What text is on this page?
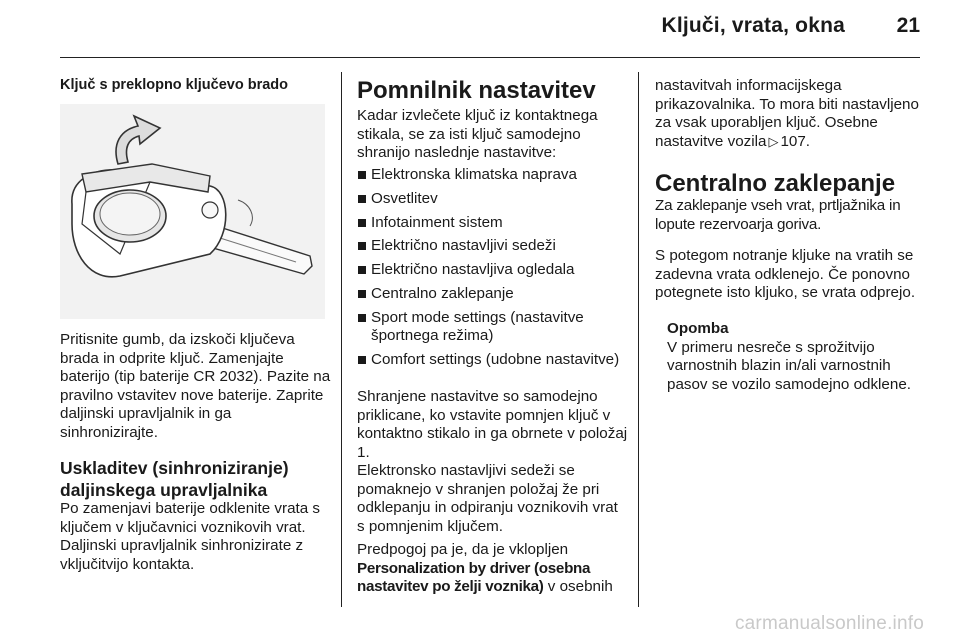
Ključi, vrata, okna 21
Ključ s preklopno ključevo brado

Pritisnite gumb, da izskoči ključeva brada in odprite ključ. Zamenjajte baterijo (tip baterije CR 2032). Pazite na pravilno vstavitev nove baterije. Zaprite daljinski upravljalnik in ga sinhronizirajte.

Uskladitev (sinhroniziranje) daljinskega upravljalnika

Po zamenjavi baterije odklenite vrata s ključem v ključavnici voznikovih vrat. Daljinski upravljalnik sinhronizirate z vključitvijo kontakta.

Pomnilnik nastavitev

Kadar izvlečete ključ iz kontaktnega stikala, se za isti ključ samodejno shranijo naslednje nastavitve:

Elektronska klimatska naprava
Osvetlitev
Infotainment sistem
Električno nastavljivi sedeži
Električno nastavljiva ogledala
Centralno zaklepanje
Sport mode settings (nastavitve športnega režima)
Comfort settings (udobne nastavitve)

Shranjene nastavitve so samodejno priklicane, ko vstavite pomnjen ključ v kontaktno stikalo in ga obrnete v položaj 1.

Elektronsko nastavljivi sedeži se pomaknejo v shranjen položaj že pri odklepanju in odpiranju voznikovih vrat s pomnjenim ključem.

Predpogoj pa je, da je vklopljen Personalization by driver (osebna nastavitev po želji voznika) v osebnih

nastavitvah informacijskega prikazovalnika. To mora biti nastavljeno za vsak uporabljen ključ. Osebne nastavitve vozila ▷ 107.

Centralno zaklepanje

Za zaklepanje vseh vrat, prtljažnika in lopute rezervoarja goriva.

S potegom notranje kljuke na vratih se zadevna vrata odklenejo. Če ponovno potegnete isto kljuko, se vrata odprejo.

Opomba

V primeru nesreče s sprožitvijo varnostnih blazin in/ali varnostnih pasov se vozilo samodejno odklene.

carmanualsonline.info
